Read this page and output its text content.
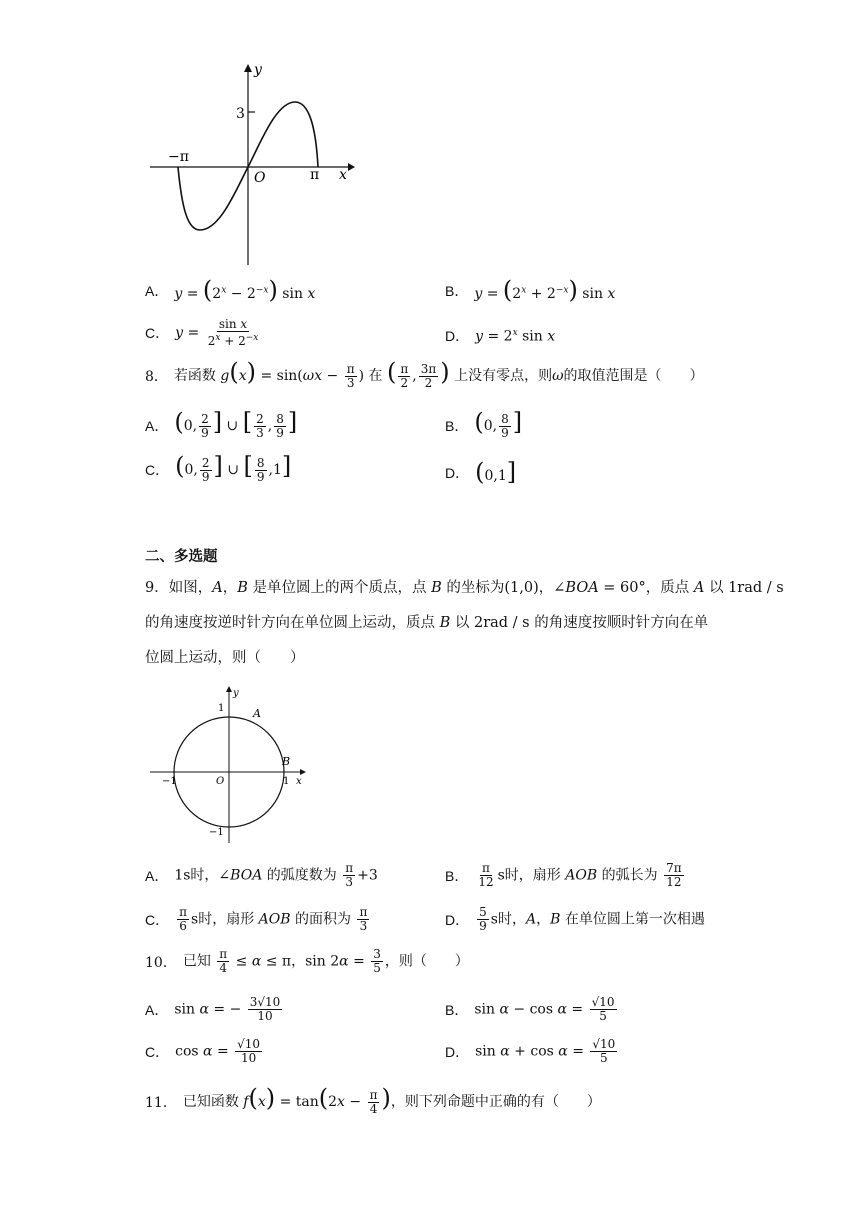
y
x
3
−π
π
O
A． $y = (2^x - 2^{-x})$ sin x	B． $y = (2^x + 2^{-x})$ sin x
C． $y = \frac{\text{sin x}}{2^x + 2^{-x}}$	D． $y = 2^x$ sin x
8． 若函数 $g(x) = \sin(\omega x - \frac{\pi}{3}$ ) 在 ( $\frac{\pi}{2}$ , $\frac{3\pi}{2}$ ) 上没有零点，则ω的取值范围是（　　）
A． (0, $\frac{2}{9}$ ] ∪ [ $\frac{2}{3}$ , $\frac{8}{9}$ ]	B． (0, $\frac{8}{9}$ ]
C． (0, $\frac{2}{9}$ ] ∪ [ $\frac{8}{9} ,1$]	D． (0,1]
二、多选题
9．如图，A，B 是单位圆上的两个质点，点 B 的坐标为(1,0)，∠BOA = 60°，质点 A 以 1rad / s
的角速度按逆时针方向在单位圆上运动，质点 B 以 2rad / s 的角速度按顺时针方向在单
位圆上运动，则（　　）
y
x
1	A
B
−1	O	1
−1
A． 1s时，∠BOA 的弧度数为 $\frac{\pi}{3} +3$	B． $\frac{\pi}{12}$ s时，扇形 AOB 的弧长为 $\frac{7\pi}{12}$
C． $\frac{\pi}{6}$ s时，扇形 AOB 的面积为 $\frac{\pi}{3}$	D． $\frac{5}{9}$ s时，A，B 在单位圆上第一次相遇
10． 已知 $\frac{\pi}{4} \le \alpha \le \pi$，$\sin 2\alpha = \frac{3}{5}$ ，则（　　）
A． sin α = − $\frac{3√10}{10}$	B． $\sin \alpha - \cos \alpha = \frac{√10}{5}$
C． $\cos \alpha = \frac{√10}{10}$	D． $\sin \alpha + \cos \alpha = \frac{√10}{5}$
11． 已知函数 $f(x) = \tan(2x - \frac{\pi}{4}$ )，则下列命题中正确的有（　　）
